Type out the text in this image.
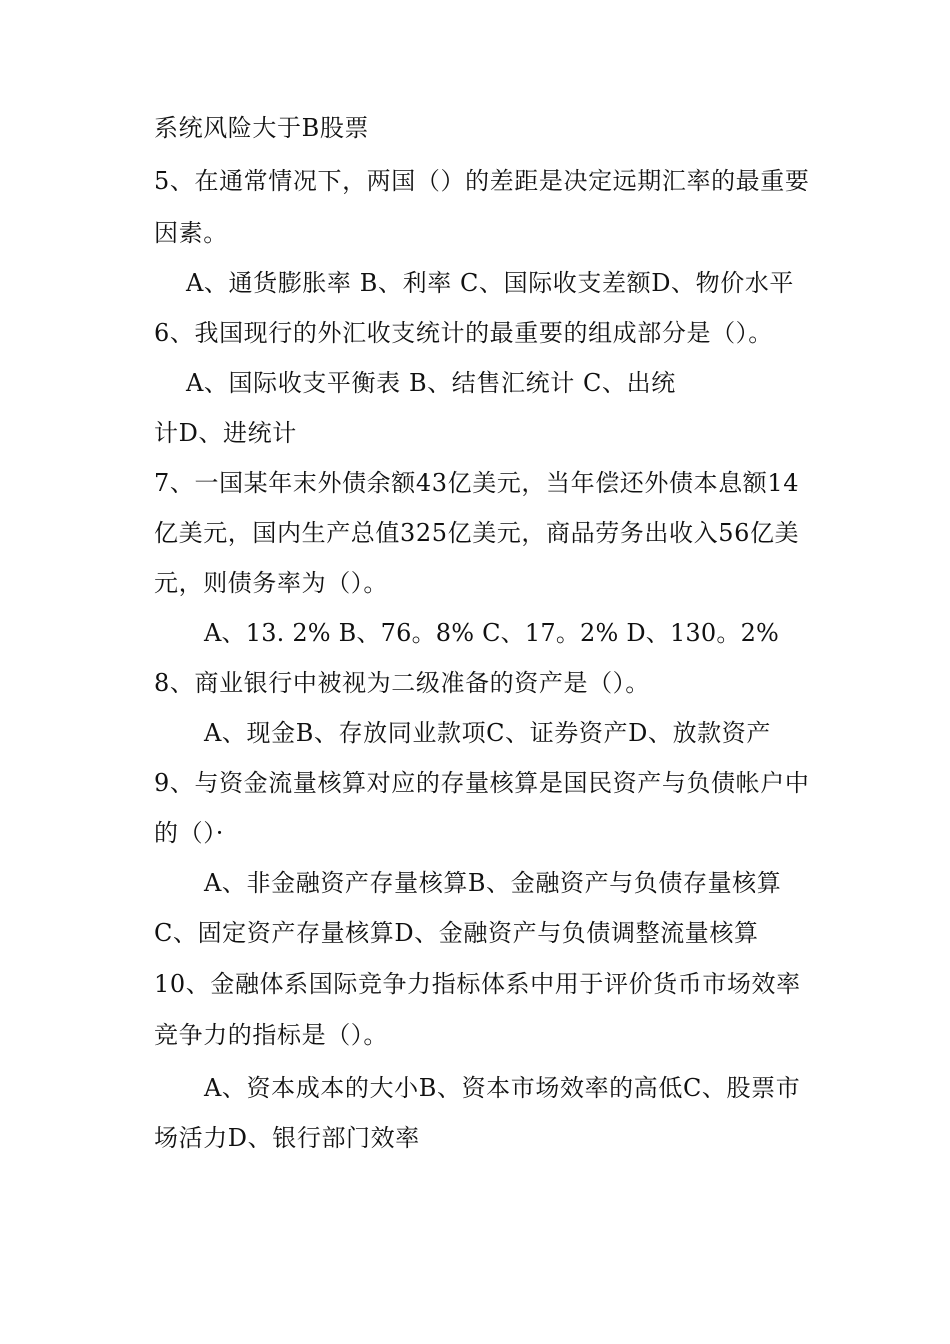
系统风险大于B股票
5、在通常情况下，两国（）的差距是决定远期汇率的最重要
因素。
A、通货膨胀率 B、利率 C、国际收支差额D、物价水平
6、我国现行的外汇收支统计的最重要的组成部分是（）。
A、国际收支平衡表 B、结售汇统计 C、出统
计D、进统计
7、一国某年末外债余额43亿美元，当年偿还外债本息额14
亿美元，国内生产总值325亿美元，商品劳务出收入56亿美
元，则债务率为（）。
A、13. 2% B、76。8% C、17。2% D、130。2%
8、商业银行中被视为二级准备的资产是（）。
A、现金B、存放同业款项C、证券资产D、放款资产
9、与资金流量核算对应的存量核算是国民资产与负债帐户中
的（）·
A、非金融资产存量核算B、金融资产与负债存量核算
C、固定资产存量核算D、金融资产与负债调整流量核算
10、金融体系国际竞争力指标体系中用于评价货币市场效率
竞争力的指标是（）。
A、资本成本的大小B、资本市场效率的高低C、股票市
场活力D、银行部门效率
